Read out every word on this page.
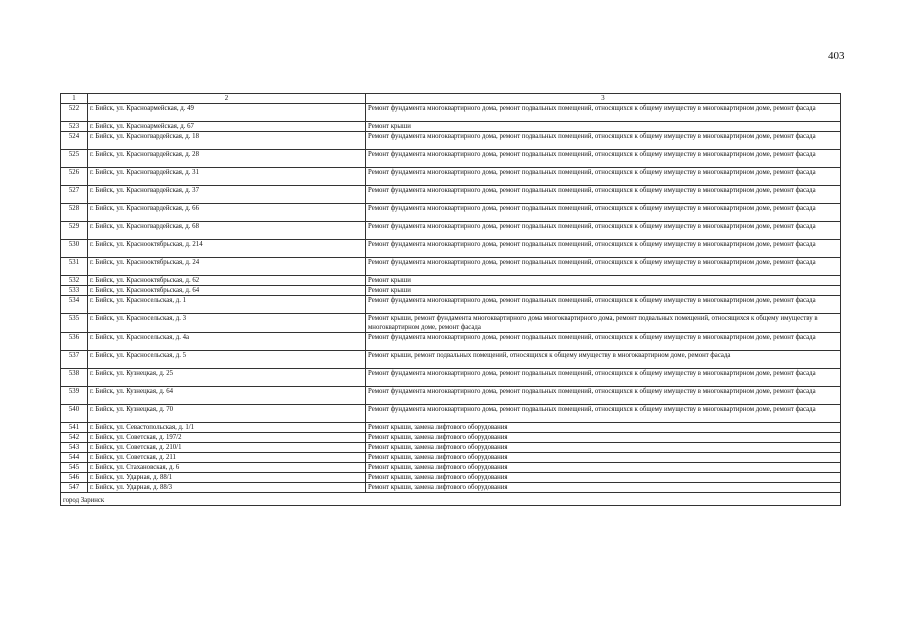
403
1	2	3
522	г. Бийск, ул. Красноармейская, д. 49	Ремонт фундамента многоквартирного дома, ремонт подвальных помещений, относящихся к общему имуществу в многоквартирном доме, ремонт фасада
523	г. Бийск, ул. Красноармейская, д. 67	Ремонт крыши
524	г. Бийск, ул. Красногвардейская, д. 18	Ремонт фундамента многоквартирного дома, ремонт подвальных помещений, относящихся к общему имуществу в многоквартирном доме, ремонт фасада
525	г. Бийск, ул. Красногвардейская, д. 28	Ремонт фундамента многоквартирного дома, ремонт подвальных помещений, относящихся к общему имуществу в многоквартирном доме, ремонт фасада
526	г. Бийск, ул. Красногвардейская, д. 31	Ремонт фундамента многоквартирного дома, ремонт подвальных помещений, относящихся к общему имуществу в многоквартирном доме, ремонт фасада
527	г. Бийск, ул. Красногвардейская, д. 37	Ремонт фундамента многоквартирного дома, ремонт подвальных помещений, относящихся к общему имуществу в многоквартирном доме, ремонт фасада
528	г. Бийск, ул. Красногвардейская, д. 66	Ремонт фундамента многоквартирного дома, ремонт подвальных помещений, относящихся к общему имуществу в многоквартирном доме, ремонт фасада
529	г. Бийск, ул. Красногвардейская, д. 68	Ремонт фундамента многоквартирного дома, ремонт подвальных помещений, относящихся к общему имуществу в многоквартирном доме, ремонт фасада
530	г. Бийск, ул. Краснооктябрьская, д. 214	Ремонт фундамента многоквартирного дома, ремонт подвальных помещений, относящихся к общему имуществу в многоквартирном доме, ремонт фасада
531	г. Бийск, ул. Краснооктябрьская, д. 24	Ремонт фундамента многоквартирного дома, ремонт подвальных помещений, относящихся к общему имуществу в многоквартирном доме, ремонт фасада
532	г. Бийск, ул. Краснооктябрьская, д. 62	Ремонт крыши
533	г. Бийск, ул. Краснооктябрьская, д. 64	Ремонт крыши
534	г. Бийск, ул. Красносельская, д. 1	Ремонт фундамента многоквартирного дома, ремонт подвальных помещений, относящихся к общему имуществу в многоквартирном доме, ремонт фасада
535	г. Бийск, ул. Красносельская, д. 3	Ремонт крыши, ремонт фундамента многоквартирного дома многоквартирного дома, ремонт подвальных помещений, относящихся к общему имуществу в многоквартирном доме, ремонт фасада
536	г. Бийск, ул. Красносельская, д. 4а	Ремонт фундамента многоквартирного дома, ремонт подвальных помещений, относящихся к общему имуществу в многоквартирном доме, ремонт фасада
537	г. Бийск, ул. Красносельская, д. 5	Ремонт крыши, ремонт подвальных помещений, относящихся к общему имуществу в многоквартирном доме, ремонт фасада
538	г. Бийск, ул. Кузнецкая, д. 25	Ремонт фундамента многоквартирного дома, ремонт подвальных помещений, относящихся к общему имуществу в многоквартирном доме, ремонт фасада
539	г. Бийск, ул. Кузнецкая, д. 64	Ремонт фундамента многоквартирного дома, ремонт подвальных помещений, относящихся к общему имуществу в многоквартирном доме, ремонт фасада
540	г. Бийск, ул. Кузнецкая, д. 70	Ремонт фундамента многоквартирного дома, ремонт подвальных помещений, относящихся к общему имуществу в многоквартирном доме, ремонт фасада
541	г. Бийск, ул. Севастопольская, д. 1/1	Ремонт крыши, замена лифтового оборудования
542	г. Бийск, ул. Советская, д. 197/2	Ремонт крыши, замена лифтового оборудования
543	г. Бийск, ул. Советская, д. 210/1	Ремонт крыши, замена лифтового оборудования
544	г. Бийск, ул. Советская, д. 211	Ремонт крыши, замена лифтового оборудования
545	г. Бийск, ул. Стахановская, д. 6	Ремонт крыши, замена лифтового оборудования
546	г. Бийск, ул. Ударная, д. 88/1	Ремонт крыши, замена лифтового оборудования
547	г. Бийск, ул. Ударная, д. 88/3	Ремонт крыши, замена лифтового оборудования
город Заринск		
